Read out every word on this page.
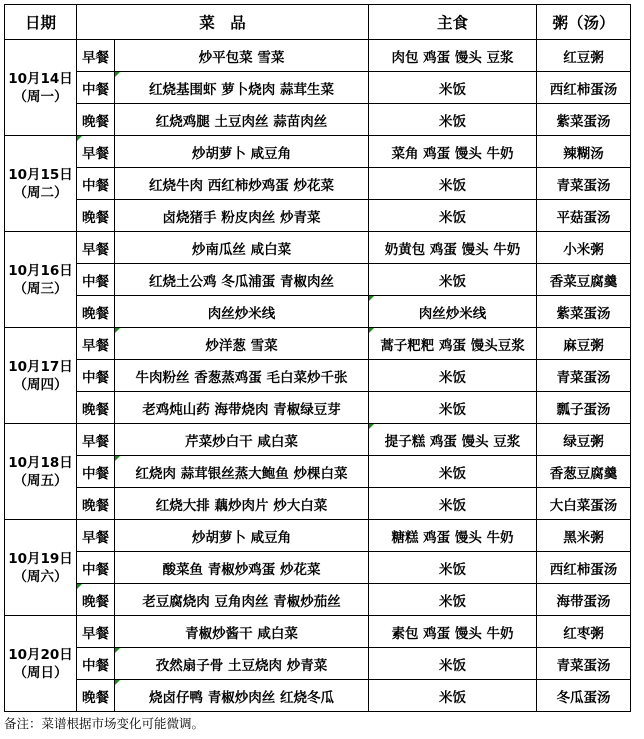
日期	菜　品		主食	粥（汤）

10月14日
（周一）	早餐	炒平包菜 雪菜	肉包 鸡蛋 馒头 豆浆	红豆粥
	中餐	红烧基围虾 萝卜烧肉 蒜茸生菜	米饭	西红柿蛋汤
	晚餐	红烧鸡腿 土豆肉丝 蒜苗肉丝	米饭	紫菜蛋汤

10月15日
（周二）	早餐	炒胡萝卜 咸豆角	菜角 鸡蛋 馒头 牛奶	辣糊汤
	中餐	红烧牛肉 西红柿炒鸡蛋 炒花菜	米饭	青菜蛋汤
	晚餐	卤烧猪手 粉皮肉丝 炒青菜	米饭	平菇蛋汤

10月16日
（周三）	早餐	炒南瓜丝 咸白菜	奶黄包 鸡蛋 馒头 牛奶	小米粥
	中餐	红烧土公鸡 冬瓜浦蛋 青椒肉丝	米饭	香菜豆腐羹
	晚餐	肉丝炒米线	肉丝炒米线	紫菜蛋汤

10月17日
（周四）	早餐	炒洋葱 雪菜	蒿子粑粑 鸡蛋 馒头豆浆	麻豆粥
	中餐	牛肉粉丝 香葱蒸鸡蛋 毛白菜炒千张	米饭	青菜蛋汤
	晚餐	老鸡炖山药 海带烧肉 青椒绿豆芽	米饭	瓢子蛋汤

10月18日
（周五）	早餐	芹菜炒白干 咸白菜	提子糕 鸡蛋 馒头 豆浆	绿豆粥
	中餐	红烧肉 蒜茸银丝蒸大鲍鱼 炒棵白菜	米饭	香葱豆腐羹
	晚餐	红烧大排 藕炒肉片 炒大白菜	米饭	大白菜蛋汤

10月19日
（周六）	早餐	炒胡萝卜 咸豆角	糖糕 鸡蛋 馒头 牛奶	黑米粥
	中餐	酸菜鱼 青椒炒鸡蛋 炒花菜	米饭	西红柿蛋汤
	晚餐	老豆腐烧肉 豆角肉丝 青椒炒茄丝	米饭	海带蛋汤

10月20日
（周日）	早餐	青椒炒酱干 咸白菜	素包 鸡蛋 馒头 牛奶	红枣粥
	中餐	孜然扇子骨 土豆烧肉 炒青菜	米饭	青菜蛋汤
	晚餐	烧卤仔鸭 青椒炒肉丝 红烧冬瓜	米饭	冬瓜蛋汤
备注：菜谱根据市场变化可能微调。
